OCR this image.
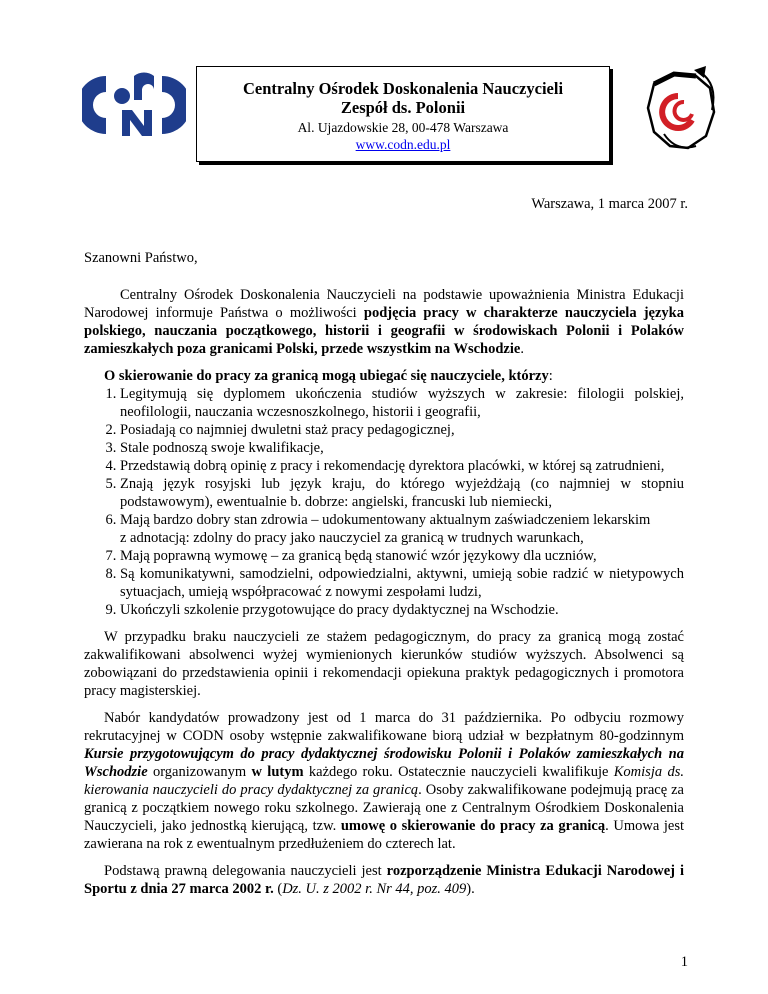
Centralny Ośrodek Doskonalenia Nauczycieli
Zespół ds. Polonii
Al. Ujazdowskie 28, 00-478 Warszawa
www.codn.edu.pl
Warszawa, 1 marca 2007 r.

Szanowni Państwo,

Centralny Ośrodek Doskonalenia Nauczycieli na podstawie upoważnienia Ministra Edukacji Narodowej informuje Państwa o możliwości podjęcia pracy w charakterze nauczyciela języka polskiego, nauczania początkowego, historii i geografii w środowiskach Polonii i Polaków zamieszkałych poza granicami Polski, przede wszystkim na Wschodzie.

O skierowanie do pracy za granicą mogą ubiegać się nauczyciele, którzy:

1. Legitymują się dyplomem ukończenia studiów wyższych w zakresie: filologii polskiej, neofilologii, nauczania wczesnoszkolnego, historii i geografii,
2. Posiadają co najmniej dwuletni staż pracy pedagogicznej,
3. Stale podnoszą swoje kwalifikacje,
4. Przedstawią dobrą opinię z pracy i rekomendację dyrektora placówki, w której są zatrudnieni,
5. Znają język rosyjski lub język kraju, do którego wyjeżdżają (co najmniej w stopniu podstawowym), ewentualnie b. dobrze: angielski, francuski lub niemiecki,
6. Mają bardzo dobry stan zdrowia – udokumentowany aktualnym zaświadczeniem lekarskim
z adnotacją: zdolny do pracy jako nauczyciel za granicą w trudnych warunkach,
7. Mają poprawną wymowę – za granicą będą stanowić wzór językowy dla uczniów,
8. Są komunikatywni, samodzielni, odpowiedzialni, aktywni, umieją sobie radzić w nietypowych sytuacjach, umieją współpracować z nowymi zespołami ludzi,
9. Ukończyli szkolenie przygotowujące do pracy dydaktycznej na Wschodzie.

W przypadku braku nauczycieli ze stażem pedagogicznym, do pracy za granicą mogą zostać zakwalifikowani absolwenci wyżej wymienionych kierunków studiów wyższych. Absolwenci są zobowiązani do przedstawienia opinii i rekomendacji opiekuna praktyk pedagogicznych i promotora pracy magisterskiej.

Nabór kandydatów prowadzony jest od 1 marca do 31 października. Po odbyciu rozmowy rekrutacyjnej w CODN osoby wstępnie zakwalifikowane biorą udział w bezpłatnym 80-godzinnym Kursie przygotowującym do pracy dydaktycznej środowisku Polonii i Polaków zamieszkałych na Wschodzie organizowanym w lutym każdego roku. Ostatecznie nauczycieli kwalifikuje Komisja ds. kierowania nauczycieli do pracy dydaktycznej za granicą. Osoby zakwalifikowane podejmują pracę za granicą z początkiem nowego roku szkolnego. Zawierają one z Centralnym Ośrodkiem Doskonalenia Nauczycieli, jako jednostką kierującą, tzw. umowę o skierowanie do pracy za granicą. Umowa jest zawierana na rok z ewentualnym przedłużeniem do czterech lat.

Podstawą prawną delegowania nauczycieli jest rozporządzenie Ministra Edukacji Narodowej i Sportu z dnia 27 marca 2002 r. (Dz. U. z 2002 r. Nr 44, poz. 409).

1
